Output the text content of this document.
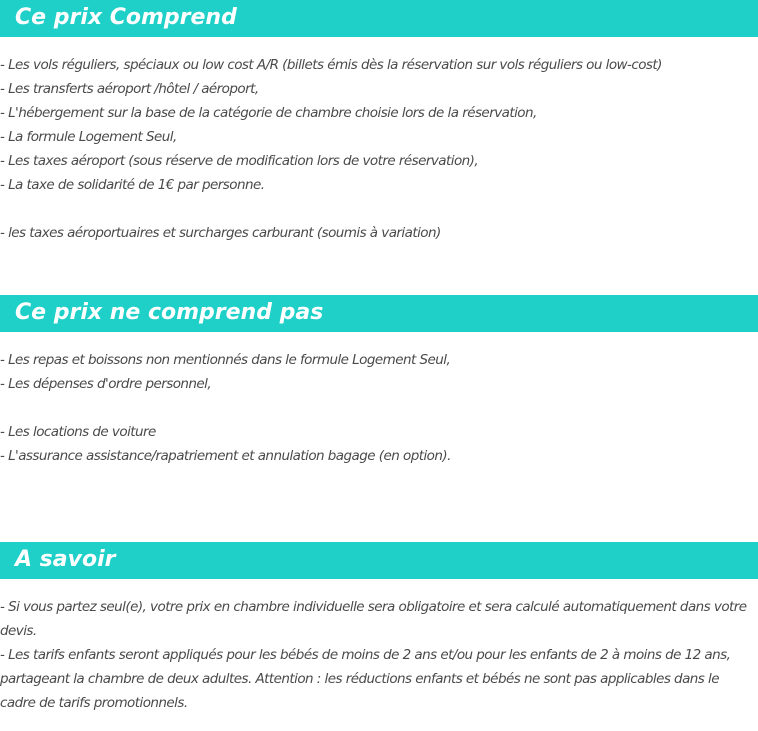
Ce prix Comprend
- Les vols réguliers, spéciaux ou low cost A/R (billets émis dès la réservation sur vols réguliers ou low-cost)
- Les transferts aéroport /hôtel / aéroport,
- L'hébergement sur la base de la catégorie de chambre choisie lors de la réservation,
- La formule Logement Seul,
- Les taxes aéroport (sous réserve de modification lors de votre réservation),
- La taxe de solidarité de 1€ par personne.
- les taxes aéroportuaires et surcharges carburant (soumis à variation)
Ce prix ne comprend pas
- Les repas et boissons non mentionnés dans le formule Logement Seul,
- Les dépenses d'ordre personnel,
- Les locations de voiture
- L'assurance assistance/rapatriement et annulation bagage (en option).
A savoir
- Si vous partez seul(e), votre prix en chambre individuelle sera obligatoire et sera calculé automatiquement dans votre devis.
- Les tarifs enfants seront appliqués pour les bébés de moins de 2 ans et/ou pour les enfants de 2 à moins de 12 ans, partageant la chambre de deux adultes. Attention : les réductions enfants et bébés ne sont pas applicables dans le cadre de tarifs promotionnels.
